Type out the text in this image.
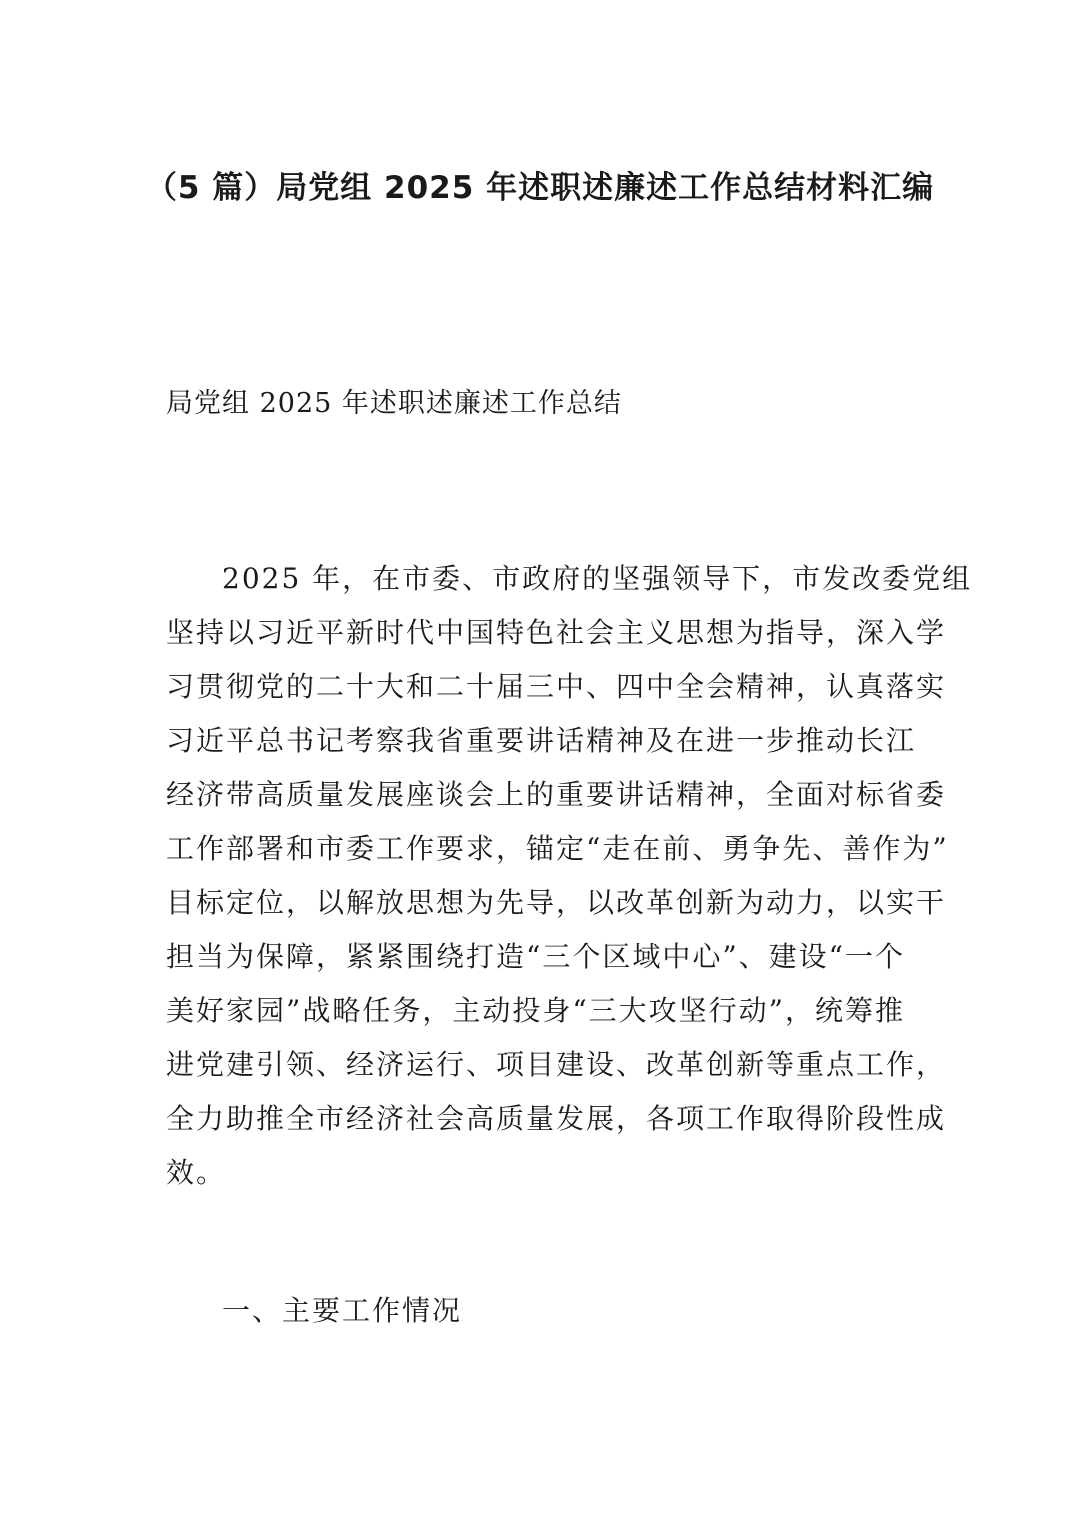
（5 篇）局党组 2025 年述职述廉述工作总结材料汇编
局党组 2025 年述职述廉述工作总结
2025 年，在市委、市政府的坚强领导下，市发改委党组
坚持以习近平新时代中国特色社会主义思想为指导，深入学
习贯彻党的二十大和二十届三中、四中全会精神，认真落实
习近平总书记考察我省重要讲话精神及在进一步推动长江
经济带高质量发展座谈会上的重要讲话精神，全面对标省委
工作部署和市委工作要求，锚定“走在前、勇争先、善作为”
目标定位，以解放思想为先导，以改革创新为动力，以实干
担当为保障，紧紧围绕打造“三个区域中心”、建设“一个
美好家园”战略任务，主动投身“三大攻坚行动”，统筹推
进党建引领、经济运行、项目建设、改革创新等重点工作，
全力助推全市经济社会高质量发展，各项工作取得阶段性成
效。
一、主要工作情况
